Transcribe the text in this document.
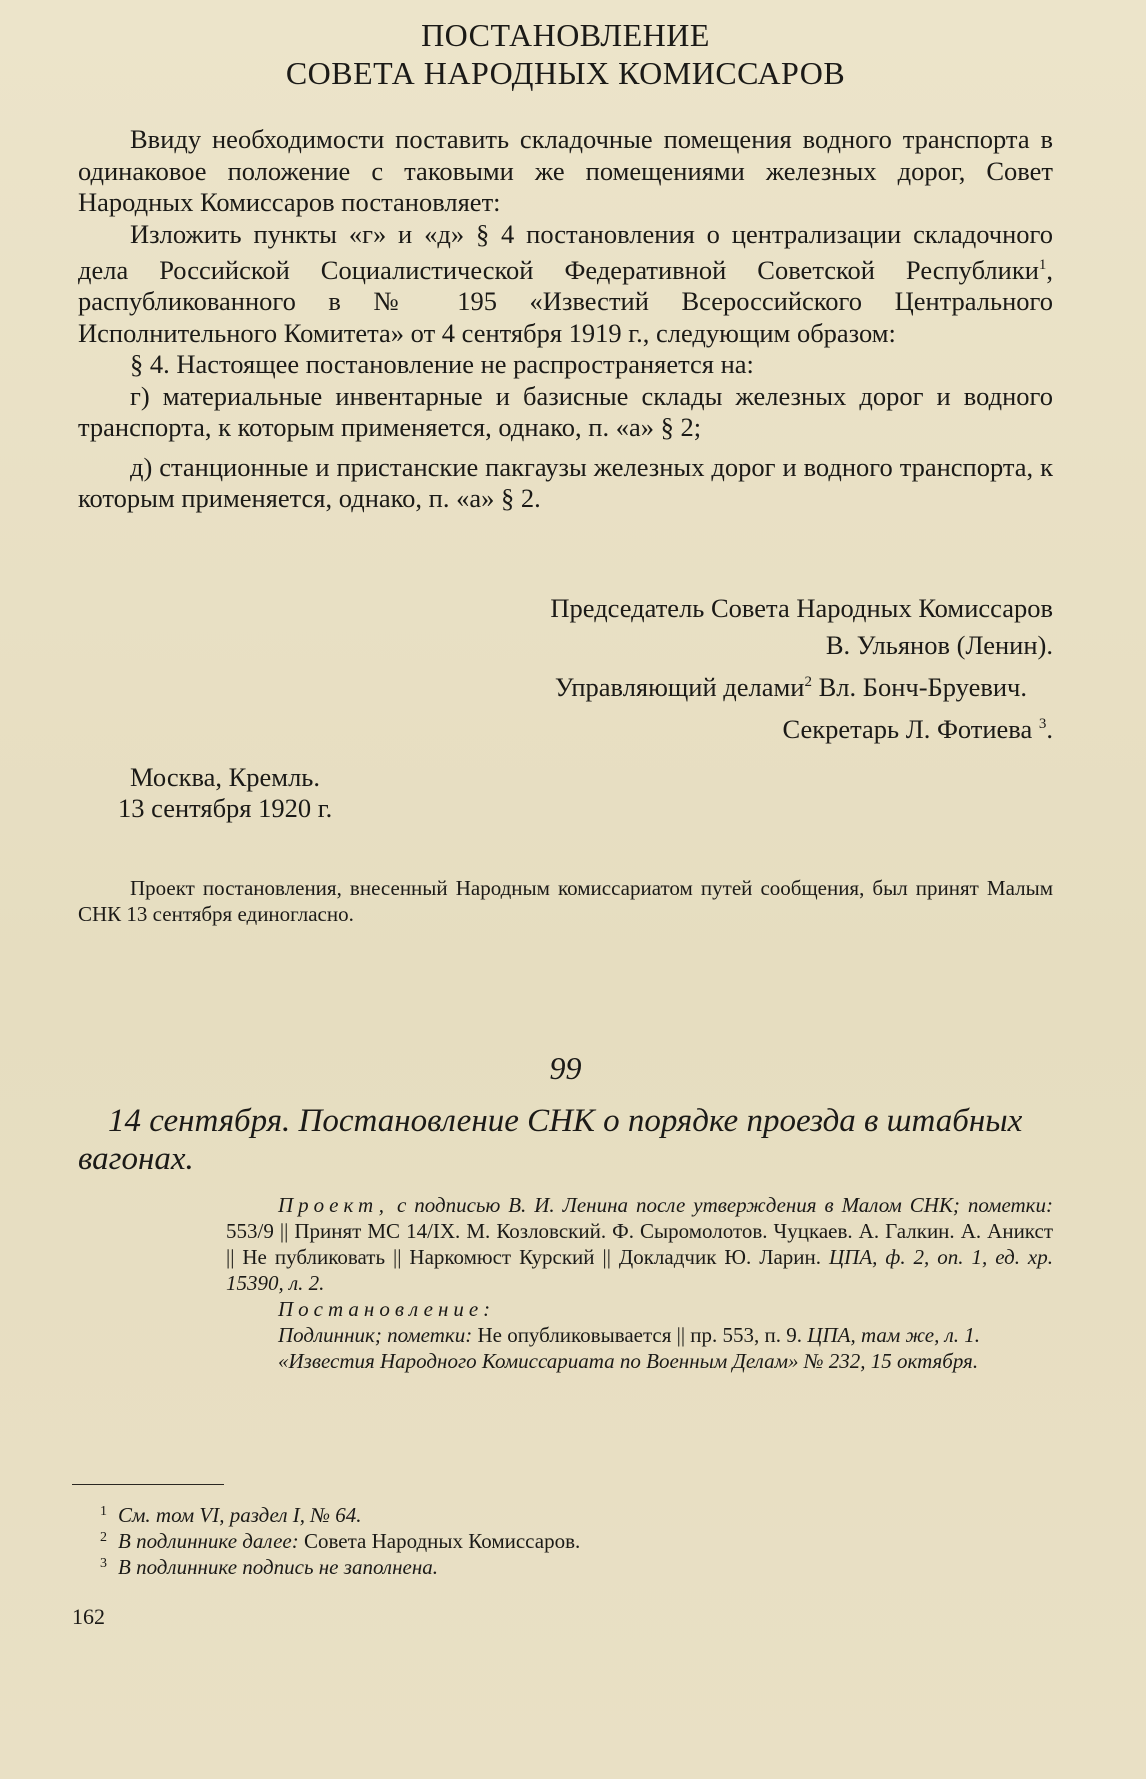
ПОСТАНОВЛЕНИЕ
СОВЕТА НАРОДНЫХ КОМИССАРОВ

Ввиду необходимости поставить складочные помещения водного транспорта в одинаковое положение с таковыми же помещениями железных дорог, Совет Народных Комиссаров постановляет:

Изложить пункты «г» и «д» § 4 постановления о централизации складочного дела Российской Социалистической Федеративной Советской Республики$^1$, распубликованного в № 195 «Известий Всероссийского Центрального Исполнительного Комитета» от 4 сентября 1919 г., следующим образом:

§ 4. Настоящее постановление не распространяется на:

г) материальные инвентарные и базисные склады железных дорог и водного транспорта, к которым применяется, однако, п. «а» § 2;

д) станционные и пристанские пакгаузы железных дорог и водного транспорта, к которым применяется, однако, п. «а» § 2.

Председатель Совета Народных Комиссаров
В. Ульянов (Ленин).
Управляющий делами$^2$ Вл. Бонч-Бруевич.
Секретарь Л. Фотиева $^3$.
Москва, Кремль.
13 сентября 1920 г.

Проект постановления, внесенный Народным комиссариатом путей сообщения, был принят Малым СНК 13 сентября единогласно.

99
14 сентября. Постановление СНК о порядке проезда в штабных вагонах.

Проект, с подписью В. И. Ленина после утверждения в Малом СНК; пометки: 553/9 || Принят МС 14/IX. М. Козловский. Ф. Сыромолотов. Чуцкаев. А. Галкин. А. Аникст || Не публиковать || Наркомюст Курский || Докладчик Ю. Ларин. ЦПА, ф. 2, оп. 1, ед. хр. 15390, л. 2.

Постановление:

Подлинник; пометки: Не опубликовывается || пр. 553, п. 9. ЦПА, там же, л. 1.

«Известия Народного Комиссариата по Военным Делам» № 232, 15 октября.

1 См. том VI, раздел I, № 64.
2 В подлиннике далее: Совета Народных Комиссаров.
3 В подлиннике подпись не заполнена.
162
